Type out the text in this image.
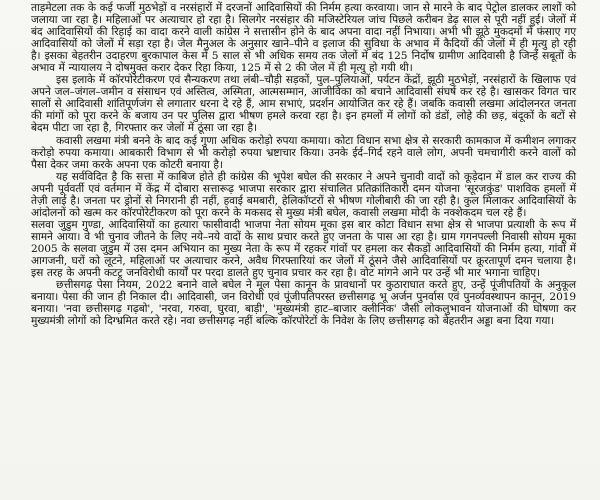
ताड़मेटला तक के कई फर्जी मुठभेड़ों व नरसंहारों में दरजनों आदिवासियों की निर्मम हत्या करवाया। जान से मारने के बाद पेट्रोल डालकर लाशों को जलाया जा रहा है। महिलाओं पर अत्याचार हो रहा है। सिलगेर नरसंहार की मजिस्टेरियल जांच पिछले करीबन डेढ़ साल से पूरी नहीं हुई। जेलों में बंद आदिवासियों की रिहाई का वादा करने वाली कांग्रेस ने सत्तासीन होने के बाद अपना वादा नहीं निभाया। अभी भी झूठे मुकदमों में फंसाए गए आदिवासियों को जेलों में सड़ा रहा है। जेल मैनुअल के अनुसार खाने–पीने व इलाज की सुविधा के अभाव में कैदियों की जेलों में ही मृत्यु हो रही है। इसका बेहतरीन उदाहरण बुरकापाल केस में 5 साल से भी अधिक समय तक जेलों में बंद 125 निर्दोष ग्रामीण आदिवासी है जिन्हें सबूतों के अभाव में न्यायालय ने दोषमुक्त करार देकर रिहा किया, 125 में से 2 की जेल में ही मृत्यु हो गयी थी।

इस इलाके में कॉरपोरेटीकरण एवं सैन्यकरण तथा लंबी–चौड़ी सड़कों, पुल–पुलियाओं, पर्यटन केंद्रों, झूठी मुठभेड़ों, नरसंहारों के खिलाफ एवं अपने जल–जंगल–जमीन व संसाधन एवं अस्तित्व, अस्मिता, आत्मसम्मान, आजीविका को बचाने आदिवासी संघर्ष कर रहे है। खासकर विगत चार सालों से आदिवासी शांतिपूर्णजंग से लगातार धरना दे रहे हैं, आम सभाएं, प्रदर्शन आयोजित कर रहे हैं। जबकि कवासी लखमा आंदोलनरत जनता की मांगों को पूरा करने के बजाय उन पर पुलिस द्वारा भीषण हमले करवा रहा है। इन हमलों में लोगों को डंडों, लोहे की छड़, बंदूकों के बटों से बेदम पीटा जा रहा है, गिरफ्तार कर जेलों में ठूंसा जा रहा है।

कवासी लखमा मंत्री बनने के बाद कई गुणा अधिक करोड़ो रुपया कमाया। कोटा विधान सभा क्षेत्र से सरकारी कामकाज में कमीशन लगाकर करोड़ो रुपया कमाया। आबकारी विभाग से भी करोड़ो रुपया भ्रष्टाचार किया। उनके ईर्द–गिर्द रहने वाले लोग, अपनी चमचागीरी करने वालों को पैसा देकर जमा करके अपना एक कोटरी बनाया है।

यह सर्वविदित है कि सत्ता में काबिज होते ही कांग्रेस की भूपेश बघेल की सरकार ने अपने चुनावी वादों को कूड़ेदान में डाल कर राज्य की अपनी पूर्ववर्ती एवं वर्तमान में केंद्र में दोबारा सत्तारूढ़ भाजपा सरकार द्वारा संचालित प्रतिक्रांतिकारी दमन योजना 'सूरजकुंड' पाशविक हमलों में तेज़ी लाई है। जनता पर ड्रोनों से निगरानी ही नहीं, हवाई बमबारी, हेलिकॉप्टरों से भीषण गोलीबारी की जा रही है। कुल मिलाकर आदिवासियों के आंदोलनों को खत्म कर कॉरपोरेटीकरण को पूरा करने के मकसद से मुख्य मंत्री बघेल, कवासी लखमा मोदी के नक्शेकदम चल रहे हैं।

सलवा जुडुम गुण्डा, आदिवासियों का हत्यारा फासीवादी भाजपा नेता सोयम मूका इस बार कोटा विधान सभा क्षेत्र से भाजपा प्रत्याशी के रूप में सामने आया। वे भी चुनाव जीतने के लिए नये–नये वादों के साथ प्रचार करते हुए जनता के पास आ रहा है। ग्राम गगनपल्ली निवासी सोयम मूका 2005 के सलवा जुडुम में उस दमन अभियान का मुख्य नेता के रूप में रहकर गांवों पर हमला कर सैकड़ों आदिवासियों की निर्मम हत्या, गांवों में आगजनी, घरों को लूटने, महिलाओं पर अत्याचार करने, अवैध गिरफ्तारियां कर जेलों में ठूंसने जैसे आदिवासियों पर क्रूरतापूर्ण दमन चलाया है। इस तरह के अपनी कटट्र जनविरोधी कार्यों पर परदा डालते हुए चुनाव प्रचार कर रहा है। वोट मांगने आने पर उन्हें भी मार भगाना चाहिए।

छत्तीसगढ़ पेसा नियम, 2022 बनाने वाले बघेल ने मूल पेसा कानून के प्रावधानों पर कुठाराघात करते हुए, उन्हें पूंजीपतियों के अनुकूल बनाया। पेसा की जान ही निकाल दी। आदिवासी, जन विरोधी एवं पूंजीपतिपरस्त छत्तीसगढ़ भू अर्जन पुनर्वास एवं पुनर्व्यवस्थापन कानून, 2019 बनाया। 'नवा छत्तीसगढ़ गढ़बो', 'नरवा, गरुवा, घुरवा, बाड़ी', 'मुख्यमंत्री हाट–बाजार क्लीनिक' जैसी लोकलुभावन योजनाओं की घोषणा कर मुख्यमंत्री लोगों को दिग्भ्रमित करते रहे। नवा छत्तीसगढ़ नहीं बल्कि कॉरपोरेटों के निवेश के लिए छत्तीसगढ़ को बेहतरीन अड्डा बना दिया गया।
